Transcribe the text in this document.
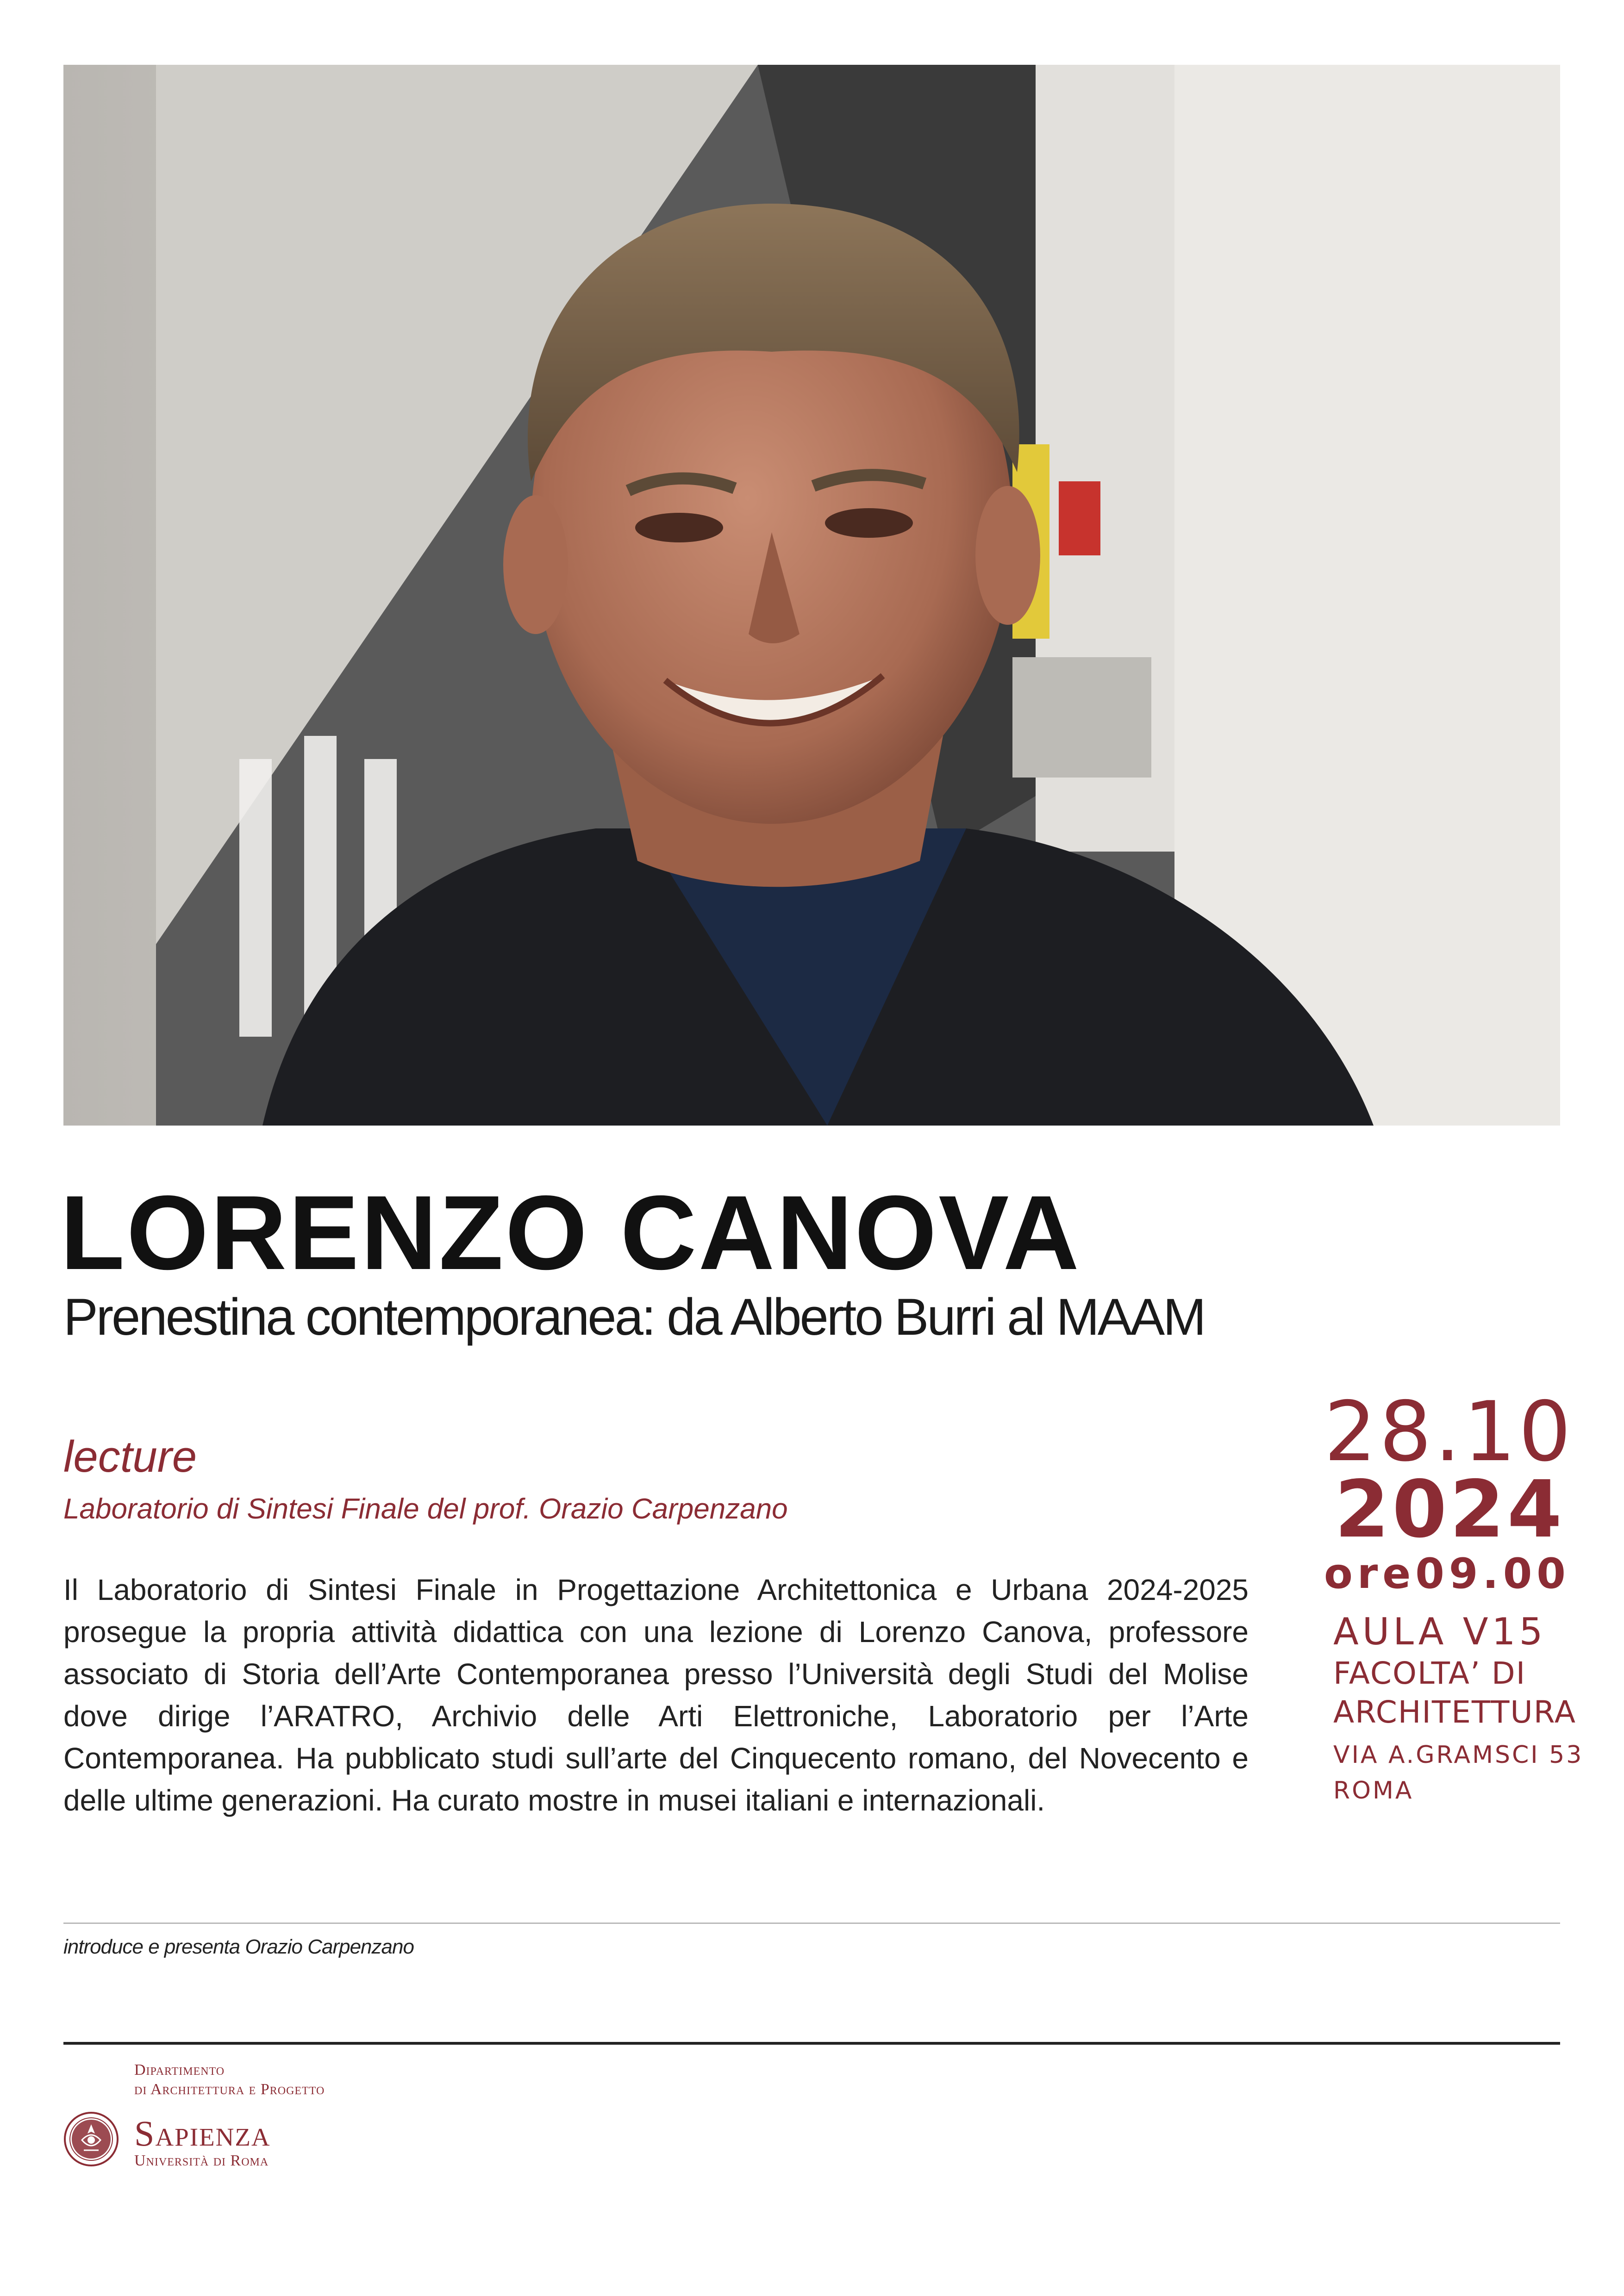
LORENZO CANOVA
Prenestina contemporanea: da Alberto Burri al MAAM
lecture
Laboratorio di Sintesi Finale del prof. Orazio Carpenzano
Il Laboratorio di Sintesi Finale in Progettazione Architettonica e Urbana 2024-2025 prosegue la propria attività didattica con una lezione di Lorenzo Canova, professore associato di Storia dell’Arte Contemporanea presso l’Università degli Studi del Molise dove dirige l’ARATRO, Archivio delle Arti Elettroniche, Laboratorio per l’Arte Contemporanea. Ha pubblicato studi sull’arte del Cinquecento romano, del Novecento e delle ultime generazioni. Ha curato mostre in musei italiani e internazionali.
28.10
2024
ore09.00
AULA V15
FACOLTA’ DI ARCHITETTURA
VIA A.GRAMSCI 53
ROMA
introduce e presenta Orazio Carpenzano
Dipartimento
di Architettura e Progetto
Sapienza
Università di Roma
